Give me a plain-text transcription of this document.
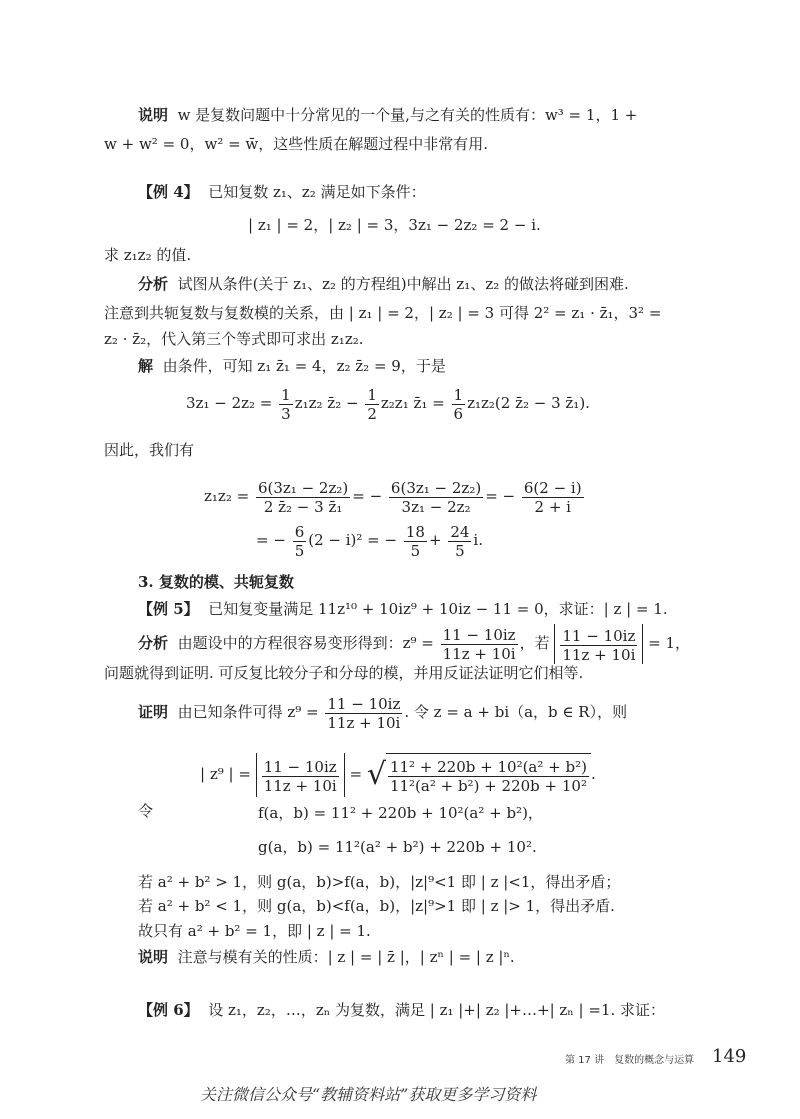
说明 w 是复数问题中十分常见的一个量,与之有关的性质有：w³ = 1，1 +
w + w² = 0，w² = w̄，这些性质在解题过程中非常有用.
【例 4】 已知复数 z₁、z₂ 满足如下条件：
| z₁ | = 2，| z₂ | = 3，3z₁ − 2z₂ = 2 − i.
求 z₁z₂ 的值.
分析 试图从条件(关于 z₁、z₂ 的方程组)中解出 z₁、z₂ 的做法将碰到困难.
注意到共轭复数与复数模的关系，由 | z₁ | = 2，| z₂ | = 3 可得 2² = z₁ · z̄₁，3² =
z₂ · z̄₂，代入第三个等式即可求出 z₁z₂.
解 由条件，可知 z₁ z̄₁ = 4，z₂ z̄₂ = 9，于是
$3z_1 - 2z_2 = \frac{1}{3} z_1z_2$ z̄₂ − $\frac{1}{2} z_2z_1$ z̄₁ = $\frac{1}{6} z_1z_2(2$ z̄₂ − 3 z̄₁).
因此，我们有
$z_1z_2 = \frac{\text{6(3z₁ − 2z₂)}}{\text{2 z̄₂ − 3 z̄₁}}$ = − $\frac{\text{6(3z₁ − 2z₂)}}{\text{3z₁ − 2z₂}}$ = − $\frac{6(2 - i)}{2 + i}$
= − $\frac{6}{5} (2 - i)^2$ = − $\frac{18}{5} + \frac{24}{5} i$.
3. 复数的模、共轭复数
【例 5】 已知复变量满足 11z¹⁰ + 10iz⁹ + 10iz − 11 = 0，求证：| z | = 1.
分析 由题设中的方程很容易变形得到：$z^9 = \frac{11 - 10iz}{11z + 10i}$ ，若 $\frac{11 - 10iz}{11z + 10i} = 1$，
问题就得到证明. 可反复比较分子和分母的模，并用反证法证明它们相等.
证明 由已知条件可得 $z^9 = \frac{11 - 10iz}{11z + 10i}$ . 令 z = a + bi（a，b ∈ R），则
| z⁹ | = $\frac{11 - 10iz}{11z + 10i}$ = √ $\frac{\text{11² + 220b + 10²(a² + b²)}}{\text{11²(a² + b²) + 220b + 10²}}$ .
令	f(a，b) = 11² + 220b + 10²(a² + b²)，
g(a，b) = 11²(a² + b²) + 220b + 10².
若 a² + b² > 1，则 g(a，b)>f(a，b)，|z|⁹<1 即 | z |<1，得出矛盾；
若 a² + b² < 1，则 g(a，b)<f(a，b)，|z|⁹>1 即 | z |> 1，得出矛盾.
故只有 a² + b² = 1，即 | z | = 1.
说明 注意与模有关的性质：| z | = | z̄ |，| zⁿ | = | z |ⁿ.
【例 6】 设 z₁，z₂，…，zₙ 为复数，满足 | z₁ |+| z₂ |+…+| zₙ | =1. 求证：
第 17 讲　复数的概念与运算 149
关注微信公众号“教辅资料站”获取更多学习资料
